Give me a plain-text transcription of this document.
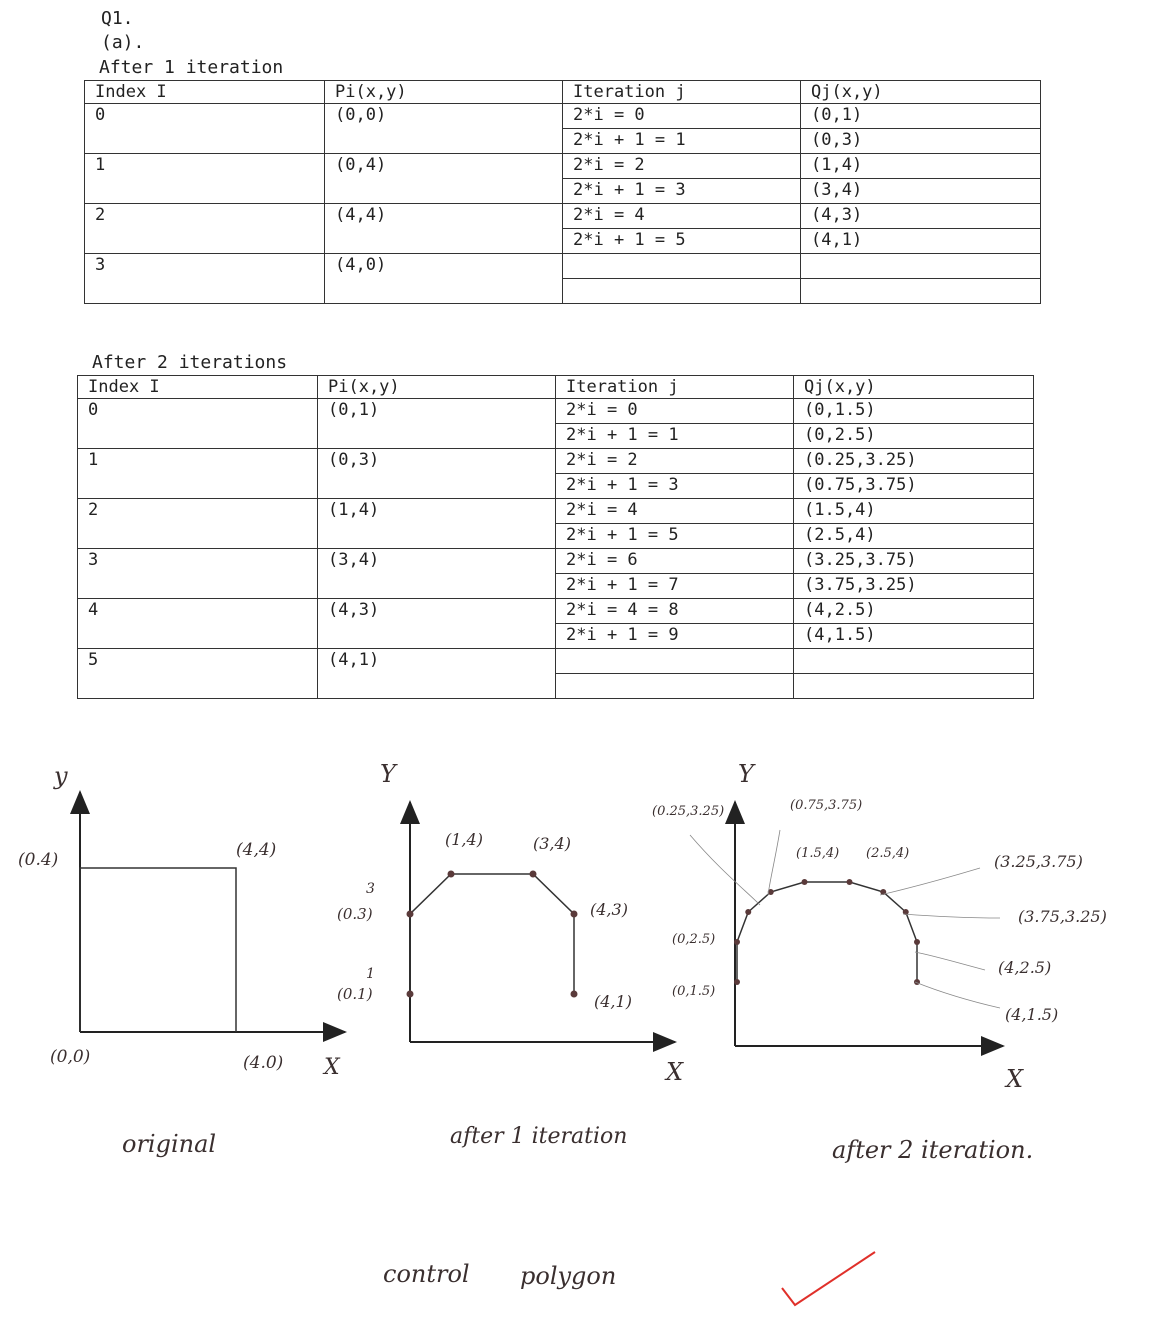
Q1.
(a).
After 1 iteration
Index I	Pi(x,y)	Iteration j	Qj(x,y)
0	(0,0)	2*i = 0	(0,1)
		2*i + 1 = 1	(0,3)
1	(0,4)	2*i = 2	(1,4)
		2*i + 1 = 3	(3,4)
2	(4,4)	2*i = 4	(4,3)
		2*i + 1 = 5	(4,1)
3	(4,0)		

After 2 iterations
Index I	Pi(x,y)	Iteration j	Qj(x,y)
0	(0,1)	2*i = 0	(0,1.5)
		2*i + 1 = 1	(0,2.5)
1	(0,3)	2*i = 2	(0.25,3.25)
		2*i + 1 = 3	(0.75,3.75)
2	(1,4)	2*i = 4	(1.5,4)
		2*i + 1 = 5	(2.5,4)
3	(3,4)	2*i = 6	(3.25,3.75)
		2*i + 1 = 7	(3.75,3.25)
4	(4,3)	2*i = 4 = 8	(4,2.5)
		2*i + 1 = 9	(4,1.5)
5	(4,1)		

y
(0.4)	(4,4)
(0,0)	(4.0) X
original
Y
(1,4)	(3,4)
(4,3)
(4,1)
3
(0.3)
1
(0.1)
X
after 1 iteration
Y
(0.25,3.25)	(0.75,3.75)
(1.5,4) (2.5,4)	(3.25,3.75)
(3.75,3.25)
(4,2.5)
(4,1.5)
(0,2.5)
(0,1.5)
X
after 2 iteration.
control polygon
